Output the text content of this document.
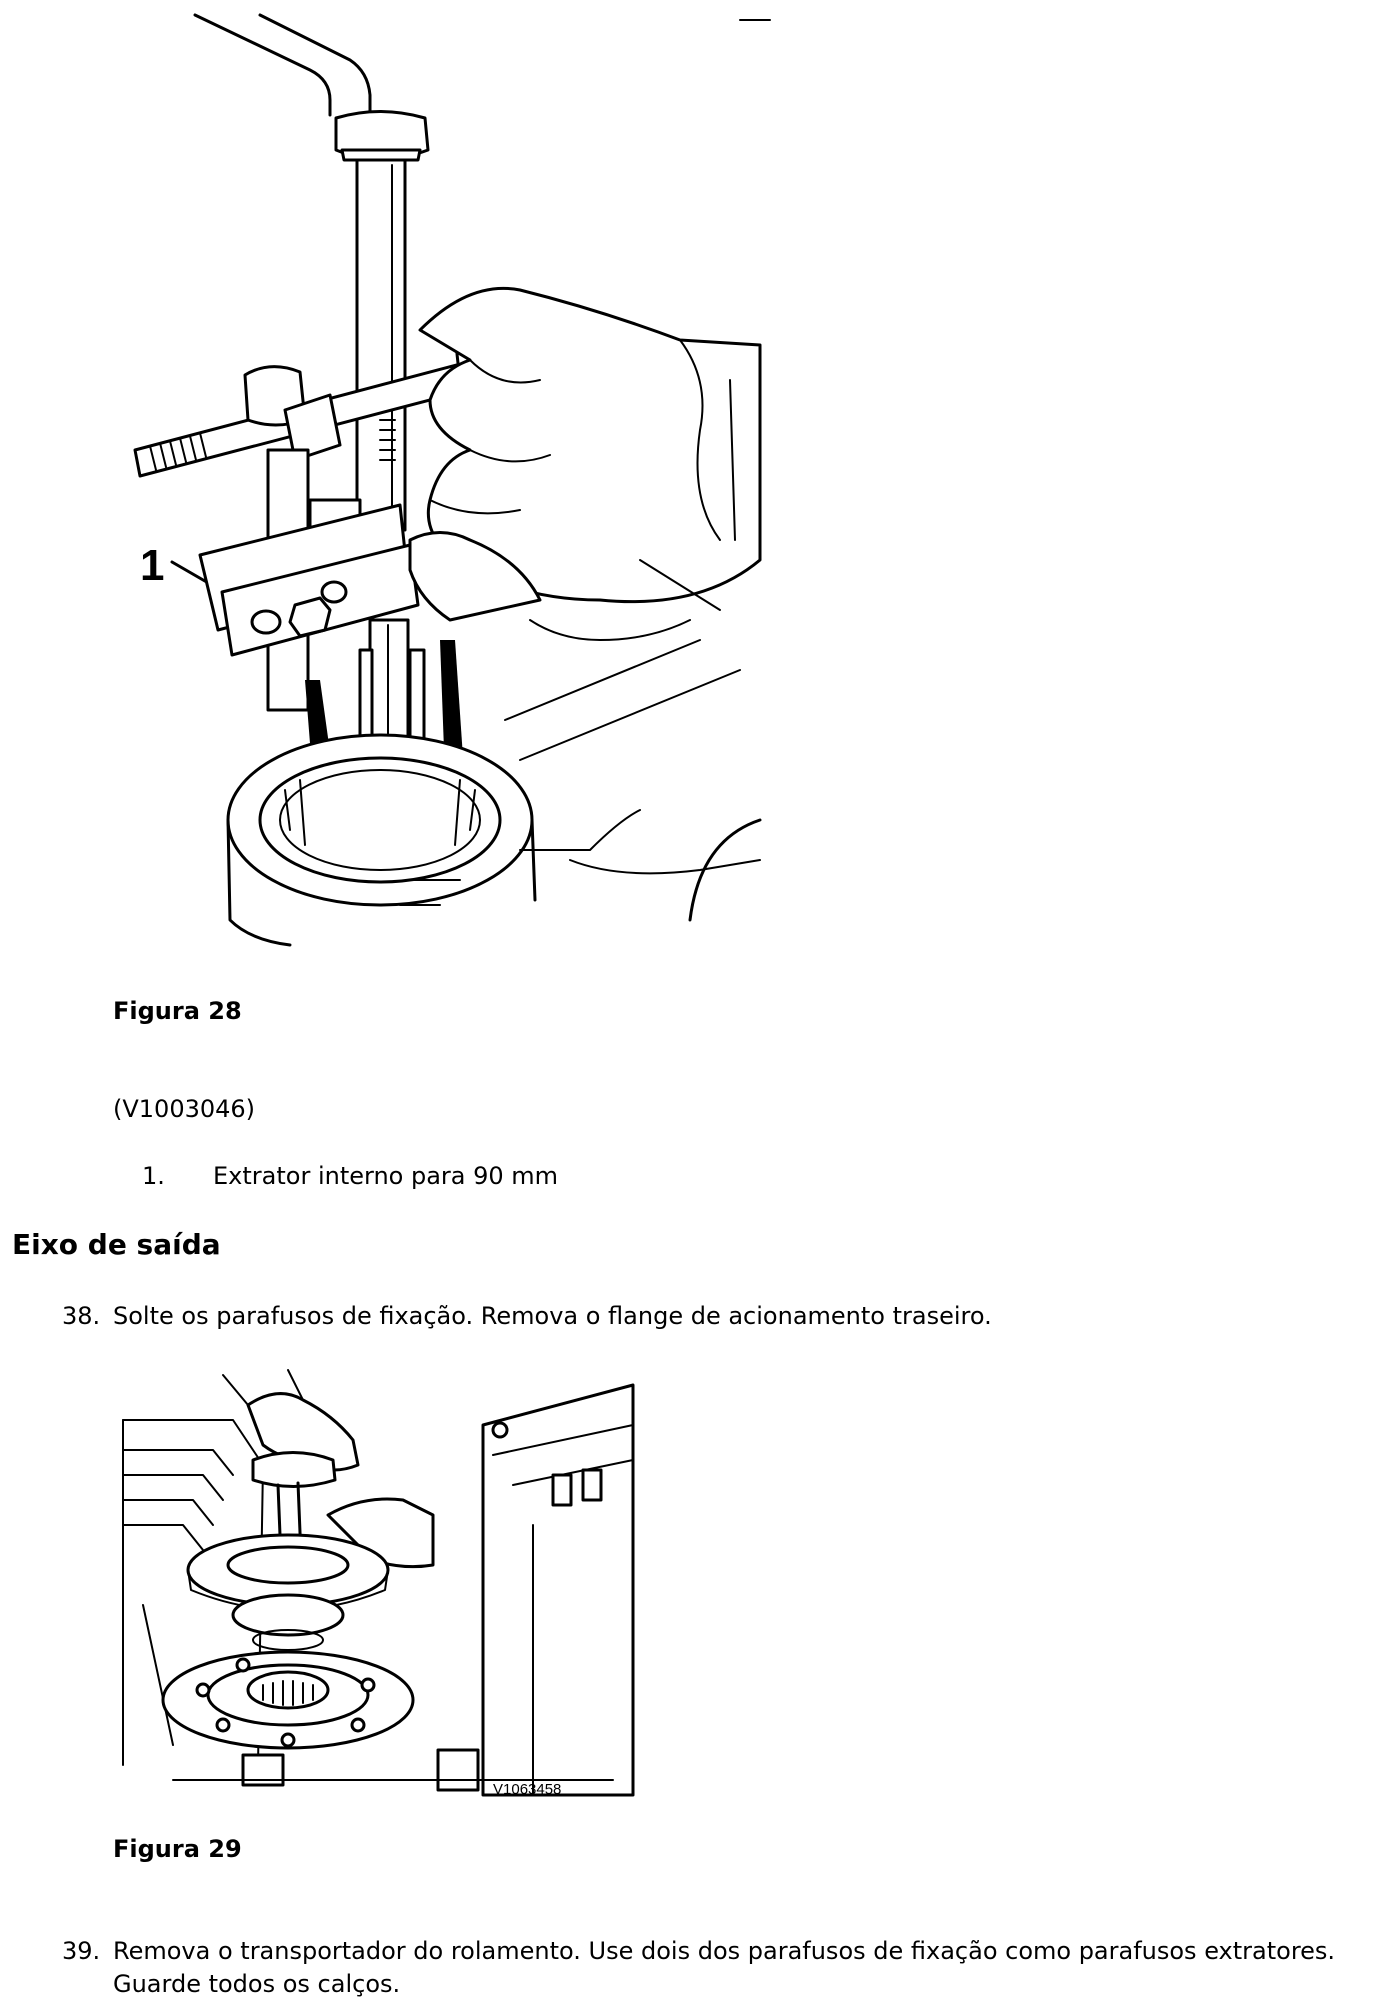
1
Figura 28
(V1003046)
1. Extrator interno para 90 mm
Eixo de saída
38. Solte os parafusos de fixação. Remova o flange de acionamento traseiro.
V1063458
Figura 29
39. Remova o transportador do rolamento. Use dois dos parafusos de fixação como parafusos extratores. Guarde todos os calços.
